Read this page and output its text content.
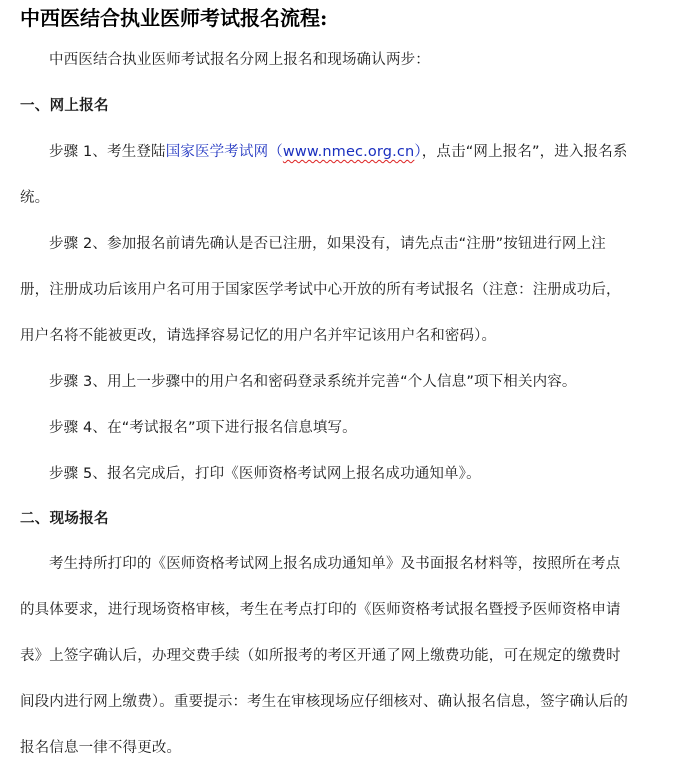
中西医结合执业医师考试报名流程:

中西医结合执业医师考试报名分网上报名和现场确认两步：

一、网上报名

步骤 1、考生登陆国家医学考试网（www.nmec.org.cn），点击“网上报名”，进入报名系统。

步骤 2、参加报名前请先确认是否已注册，如果没有，请先点击“注册”按钮进行网上注册，注册成功后该用户名可用于国家医学考试中心开放的所有考试报名（注意：注册成功后，用户名将不能被更改，请选择容易记忆的用户名并牢记该用户名和密码）。

步骤 3、用上一步骤中的用户名和密码登录系统并完善“个人信息”项下相关内容。

步骤 4、在“考试报名”项下进行报名信息填写。

步骤 5、报名完成后，打印《医师资格考试网上报名成功通知单》。

二、现场报名

考生持所打印的《医师资格考试网上报名成功通知单》及书面报名材料等，按照所在考点的具体要求，进行现场资格审核，考生在考点打印的《医师资格考试报名暨授予医师资格申请表》上签字确认后，办理交费手续（如所报考的考区开通了网上缴费功能，可在规定的缴费时间段内进行网上缴费）。重要提示：考生在审核现场应仔细核对、确认报名信息，签字确认后的报名信息一律不得更改。
